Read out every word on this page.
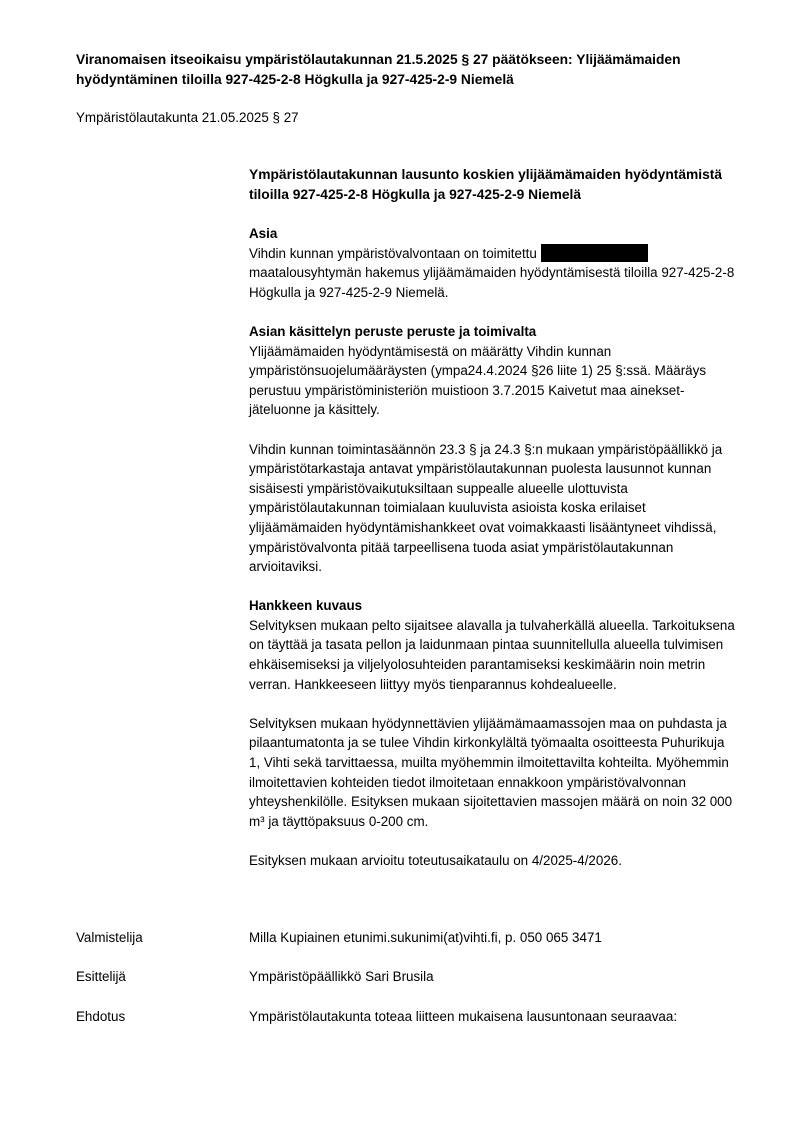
Viranomaisen itseoikaisu ympäristölautakunnan 21.5.2025 § 27 päätökseen: Ylijäämämaiden hyödyntäminen tiloilla 927-425-2-8 Högkulla ja 927-425-2-9 Niemelä

Ympäristölautakunta 21.05.2025 § 27

Ympäristölautakunnan lausunto koskien ylijäämämaiden hyödyntämistä tiloilla 927-425-2-8 Högkulla ja 927-425-2-9 Niemelä
Asia

Vihdin kunnan ympäristövalvontaan on toimitettu

maatalousyhtymän hakemus ylijäämämaiden hyödyntämisestä tiloilla 927-425-2-8 Högkulla ja 927-425-2-9 Niemelä.

Asian käsittelyn peruste peruste ja toimivalta

Ylijäämämaiden hyödyntämisestä on määrätty Vihdin kunnan ympäristönsuojelumääräysten (ympa24.4.2024 §26 liite 1) 25 §:ssä. Määräys perustuu ympäristöministeriön muistioon 3.7.2015 Kaivetut maa ainekset-jäteluonne ja käsittely.

Vihdin kunnan toimintasäännön 23.3 § ja 24.3 §:n mukaan ympäristöpäällikkö ja ympäristötarkastaja antavat ympäristölautakunnan puolesta lausunnot kunnan sisäisesti ympäristövaikutuksiltaan suppealle alueelle ulottuvista ympäristölautakunnan toimialaan kuuluvista asioista koska erilaiset ylijäämämaiden hyödyntämishankkeet ovat voimakkaasti lisääntyneet vihdissä, ympäristövalvonta pitää tarpeellisena tuoda asiat ympäristölautakunnan arvioitaviksi.

Hankkeen kuvaus

Selvityksen mukaan pelto sijaitsee alavalla ja tulvaherkällä alueella. Tarkoituksena on täyttää ja tasata pellon ja laidunmaan pintaa suunnitellulla alueella tulvimisen ehkäisemiseksi ja viljelyolosuhteiden parantamiseksi keskimäärin noin metrin verran. Hankkeeseen liittyy myös tienparannus kohdealueelle.

Selvityksen mukaan hyödynnettävien ylijäämämaamassojen maa on puhdasta ja pilaantumatonta ja se tulee Vihdin kirkonkylältä työmaalta osoitteesta Puhurikuja 1, Vihti sekä tarvittaessa, muilta myöhemmin ilmoitettavilta kohteilta. Myöhemmin ilmoitettavien kohteiden tiedot ilmoitetaan ennakkoon ympäristövalvonnan yhteyshenkilölle. Esityksen mukaan sijoitettavien massojen määrä on noin 32 000 m³ ja täyttöpaksuus 0-200 cm.

Esityksen mukaan arvioitu toteutusaikataulu on 4/2025-4/2026.

Valmistelija	Milla Kupiainen etunimi.sukunimi(at)vihti.fi, p. 050 065 3471
Esittelijä	Ympäristöpäällikkö Sari Brusila
Ehdotus	Ympäristölautakunta toteaa liitteen mukaisena lausuntonaan seuraavaa:
